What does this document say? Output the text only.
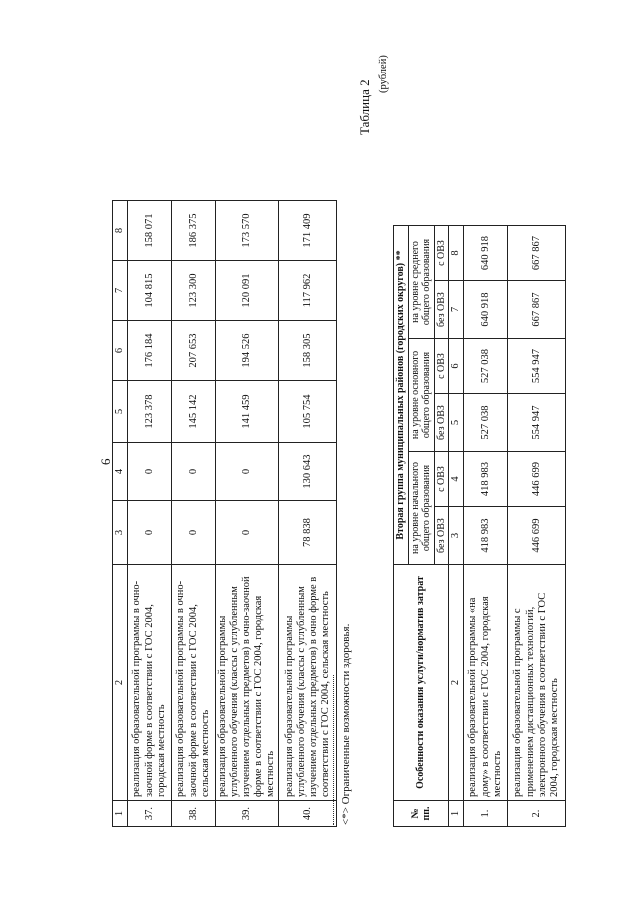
6
1	2	3	4	5	6	7	8
37.	реализация образовательной программы в очно-заочной форме в соответствии с ГОС 2004, городская местность	0	0	123 378	176 184	104 815	158 071
38.	реализация образовательной программы в очно-заочной форме в соответствии с ГОС 2004, сельская местность	0	0	145 142	207 653	123 300	186 375
39.	реализация образовательной программы углубленного обучения (классы с углубленным изучением отдельных предметов) в очно-заочной форме в соответствии с ГОС 2004, городская местность	0	0	141 459	194 526	120 091	173 570
40.	реализация образовательной программы углубленного обучения (классы с углубленным изучением отдельных предметов) в очно форме в соответствии с ГОС 2004, сельская местность	78 838	130 643	105 754	158 305	117 962	171 409
<*> Ограниченные возможности здоровья.
Таблица 2
(рублей)
№ пп.	Особенности оказания услуги/норматив затрат	Вторая группа муниципальных районов (городских округов) **					
		на уровне начального общего образования		на уровне основного общего образования		на уровне среднего общего образования	
		без ОВЗ	с ОВЗ	без ОВЗ	с ОВЗ	без ОВЗ	с ОВЗ
1	2	3	4	5	6	7	8
1.	реализация образовательной программы «на дому» в соответствии с ГОС 2004, городская местность	418 983	418 983	527 038	527 038	640 918	640 918
2.	реализация образовательной программы с применением дистанционных технологий, электронного обучения в соответствии с ГОС 2004, городская местность	446 699	446 699	554 947	554 947	667 867	667 867
